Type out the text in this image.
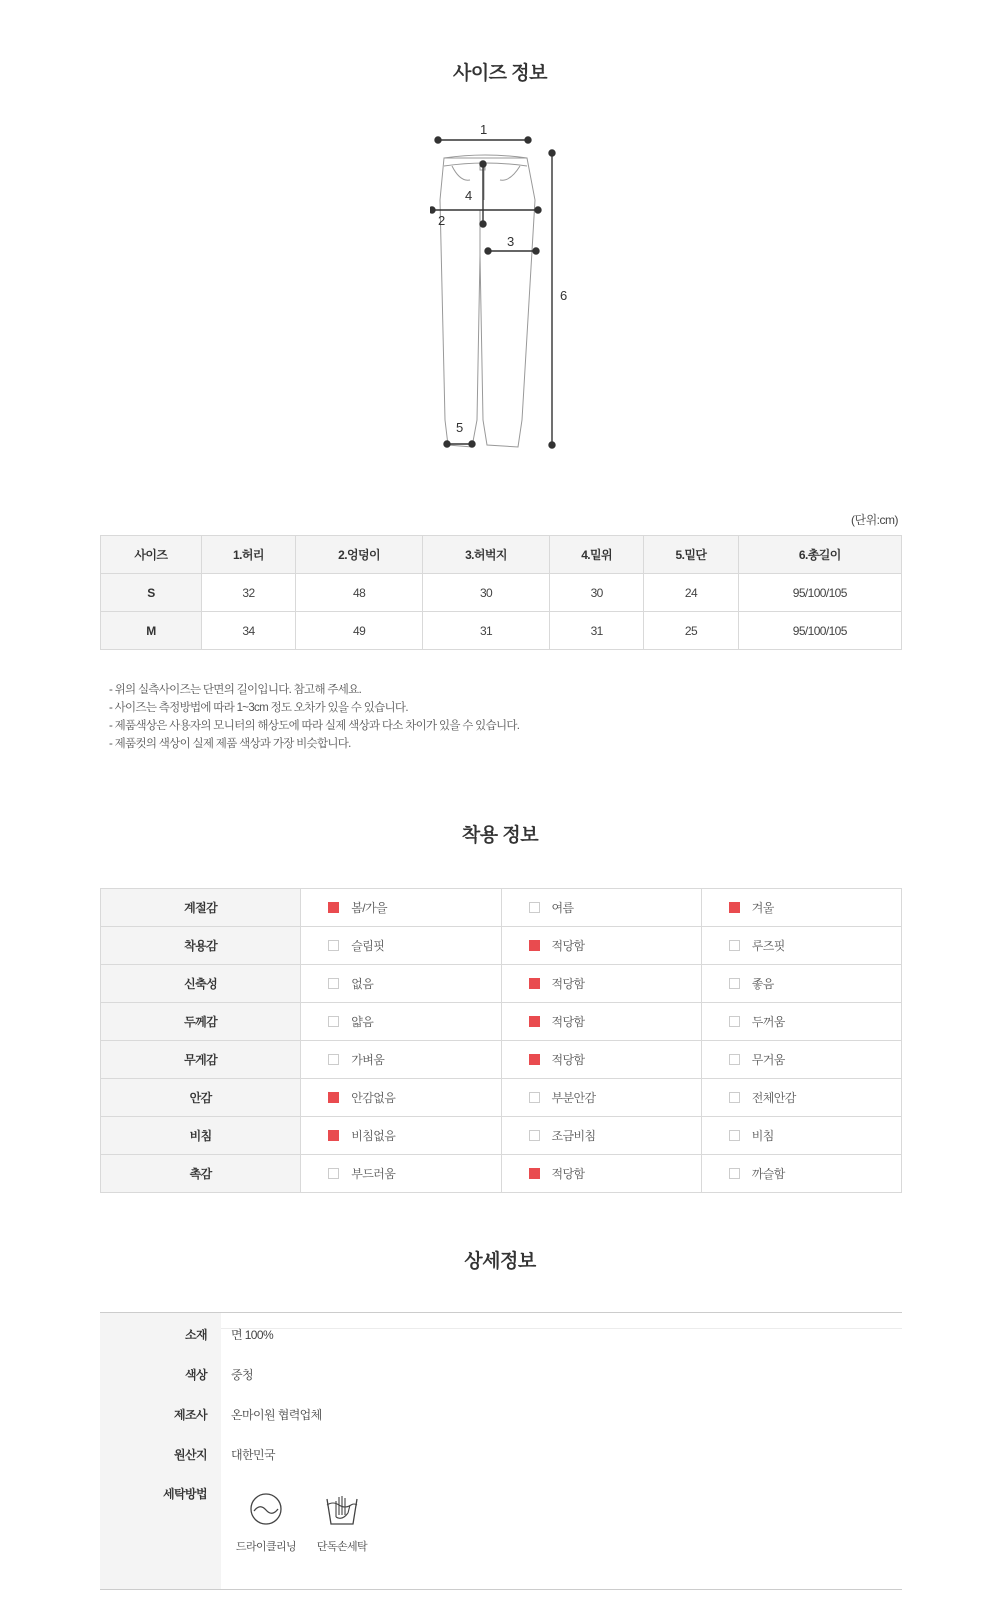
사이즈 정보
1
2
3
4
5
6
(단위:cm)
사이즈	1.허리	2.엉덩이	3.허벅지	4.밑위	5.밑단	6.총길이
S	32	48	30	30	24	95/100/105
M	34	49	31	31	25	95/100/105
- 위의 실측사이즈는 단면의 길이입니다. 참고해 주세요.
- 사이즈는 측정방법에 따라 1~3cm 정도 오차가 있을 수 있습니다.
- 제품색상은 사용자의 모니터의 해상도에 따라 실제 색상과 다소 차이가 있을 수 있습니다.
- 제품컷의 색상이 실제 제품 색상과 가장 비슷합니다.
착용 정보
계절감	봄/가을	여름	겨울
착용감	슬림핏	적당함	루즈핏
신축성	없음	적당함	좋음
두께감	얇음	적당함	두꺼움
무게감	가벼움	적당함	무거움
안감	안감없음	부분안감	전체안감
비침	비침없음	조금비침	비침
촉감	부드러움	적당함	까슬함
상세정보
소재 면 100%
색상 중청
제조사 온마이원 협력업체
원산지 대한민국
세탁방법
드라이클리닝	단독손세탁
